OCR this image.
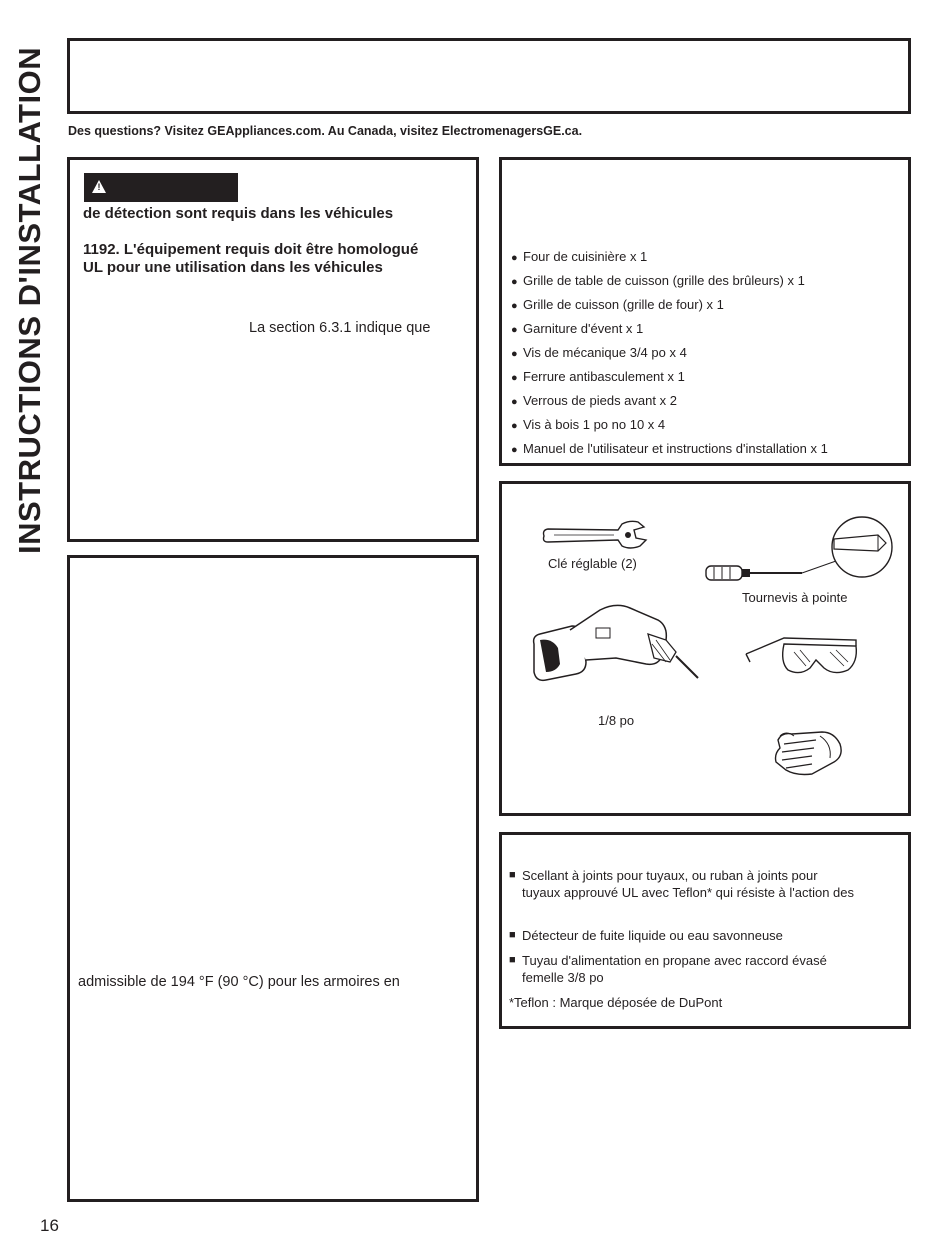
INSTRUCTIONS D'INSTALLATION Des questions? Visitez GEAppliances.com. Au Canada, visitez ElectromenagersGE.ca.
!
de détection sont requis dans les véhicules
1192. L'équipement requis doit être homologué
UL pour une utilisation dans les véhicules
La section 6.3.1 indique que
admissible de 194 °F (90 °C) pour les armoires en
● Four de cuisinière x 1
● Grille de table de cuisson (grille des brûleurs) x 1
● Grille de cuisson (grille de four) x 1
● Garniture d'évent x 1
● Vis de mécanique 3/4 po x 4
● Ferrure antibasculement x 1
● Verrous de pieds avant x 2
● Vis à bois 1 po no 10 x 4
● Manuel de l'utilisateur et instructions d'installation x 1
Clé réglable (2)
Tournevis à pointe
1/8 po
■ Scellant à joints pour tuyaux, ou ruban à joints pour
tuyaux approuvé UL avec Teflon* qui résiste à l'action des
■ Détecteur de fuite liquide ou eau savonneuse
■ Tuyau d'alimentation en propane avec raccord évasé
femelle 3/8 po
*Teflon : Marque déposée de DuPont
16
